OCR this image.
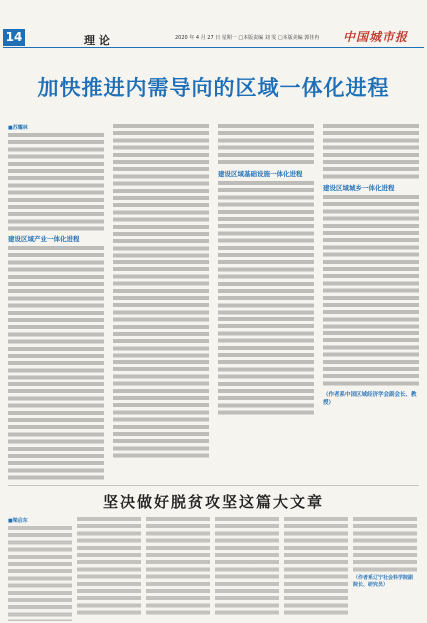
14	理 论	2020 年 4 月 27 日 星期一 □本版责编 刘 雯 □本版美编 郭佳冉 中国城市报
加快推进内需导向的区域一体化进程
■苏耀林
建设区域产业一体化进程
建设区域基础设施一体化进程
建设区域城乡一体化进程
（作者系中国区域经济学会副会长、教授）
坚决做好脱贫攻坚这篇大文章
■梁启东
（作者系辽宁社会科学院副院长、研究员）
